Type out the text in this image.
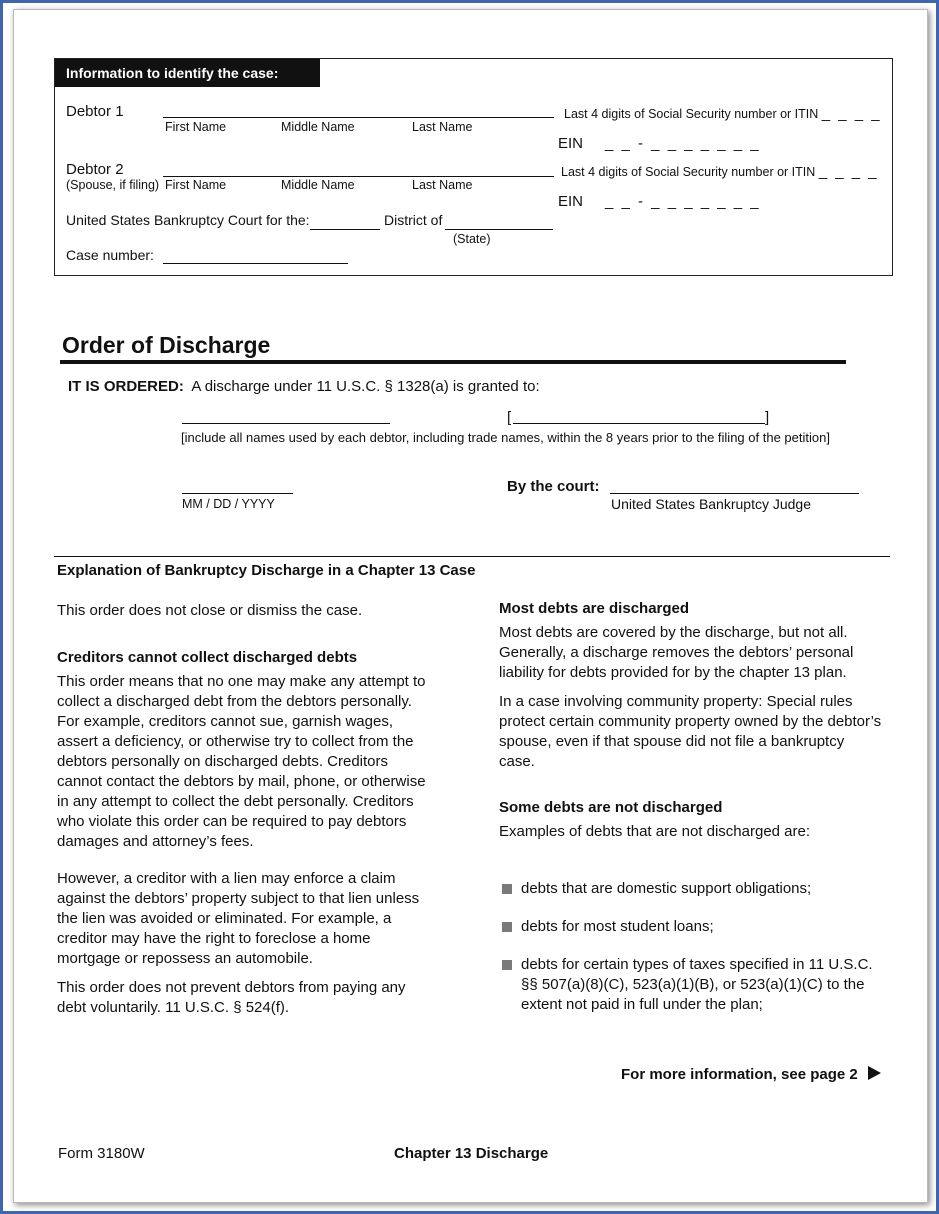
Information to identify the case:
Debtor 1
First Name	Middle Name	Last Name
Last 4 digits of Social Security number or ITIN _ _ _ _
EIN _ _ - _ _ _ _ _ _ _
Debtor 2
(Spouse, if filing) First Name	Middle Name	Last Name
Last 4 digits of Social Security number or ITIN _ _ _ _
EIN _ _ - _ _ _ _ _ _ _
United States Bankruptcy Court for the:	District of
(State)
Case number:
Order of Discharge
IT IS ORDERED: A discharge under 11 U.S.C. § 1328(a) is granted to:
[	]
[include all names used by each debtor, including trade names, within the 8 years prior to the filing of the petition]
MM / DD / YYYY
By the court:
United States Bankruptcy Judge
Explanation of Bankruptcy Discharge in a Chapter 13 Case

This order does not close or dismiss the case.

Creditors cannot collect discharged debts

This order means that no one may make any attempt to collect a discharged debt from the debtors personally. For example, creditors cannot sue, garnish wages, assert a deficiency, or otherwise try to collect from the debtors personally on discharged debts. Creditors cannot contact the debtors by mail, phone, or otherwise in any attempt to collect the debt personally. Creditors who violate this order can be required to pay debtors damages and attorney’s fees.

However, a creditor with a lien may enforce a claim against the debtors’ property subject to that lien unless the lien was avoided or eliminated. For example, a creditor may have the right to foreclose a home mortgage or repossess an automobile.

This order does not prevent debtors from paying any debt voluntarily. 11 U.S.C. § 524(f).

Most debts are discharged

Most debts are covered by the discharge, but not all. Generally, a discharge removes the debtors’ personal liability for debts provided for by the chapter 13 plan.

In a case involving community property: Special rules protect certain community property owned by the debtor’s spouse, even if that spouse did not file a bankruptcy case.

Some debts are not discharged

Examples of debts that are not discharged are:

debts that are domestic support obligations;
debts for most student loans;
debts for certain types of taxes specified in 11 U.S.C. §§ 507(a)(8)(C), 523(a)(1)(B), or 523(a)(1)(C) to the extent not paid in full under the plan;
For more information, see page 2
Form 3180W	Chapter 13 Discharge
